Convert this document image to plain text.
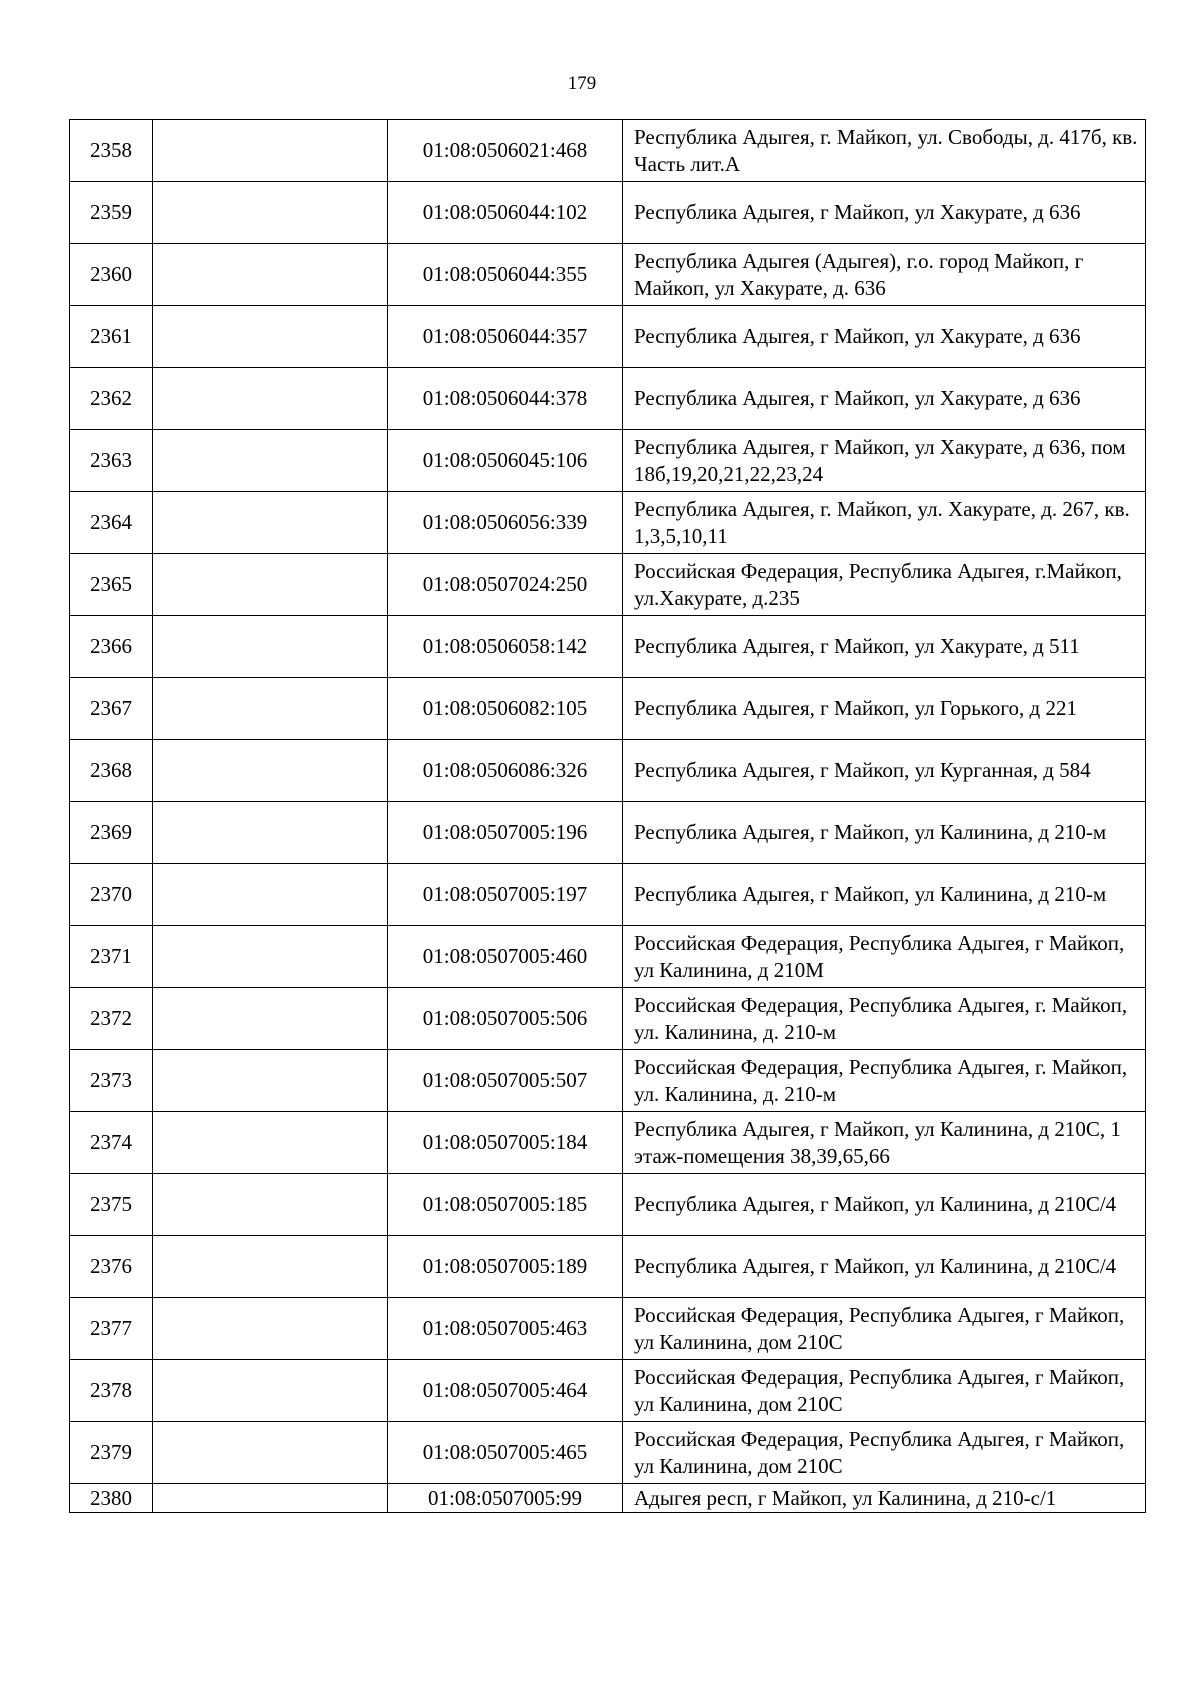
179
2358		01:08:0506021:468	Республика Адыгея, г. Майкоп, ул. Свободы, д. 417б, кв. Часть лит.А
2359		01:08:0506044:102	Республика Адыгея, г Майкоп, ул Хакурате, д 636
2360		01:08:0506044:355	Республика Адыгея (Адыгея), г.о. город Майкоп, г Майкоп, ул Хакурате, д. 636
2361		01:08:0506044:357	Республика Адыгея, г Майкоп, ул Хакурате, д 636
2362		01:08:0506044:378	Республика Адыгея, г Майкоп, ул Хакурате, д 636
2363		01:08:0506045:106	Республика Адыгея, г Майкоп, ул Хакурате, д 636, пом 18б,19,20,21,22,23,24
2364		01:08:0506056:339	Республика Адыгея, г. Майкоп, ул. Хакурате, д. 267, кв. 1,3,5,10,11
2365		01:08:0507024:250	Российская Федерация, Республика Адыгея, г.Майкоп, ул.Хакурате, д.235
2366		01:08:0506058:142	Республика Адыгея, г Майкоп, ул Хакурате, д 511
2367		01:08:0506082:105	Республика Адыгея, г Майкоп, ул Горького, д 221
2368		01:08:0506086:326	Республика Адыгея, г Майкоп, ул Курганная, д 584
2369		01:08:0507005:196	Республика Адыгея, г Майкоп, ул Калинина, д 210-м
2370		01:08:0507005:197	Республика Адыгея, г Майкоп, ул Калинина, д 210-м
2371		01:08:0507005:460	Российская Федерация, Республика Адыгея, г Майкоп, ул Калинина, д 210М
2372		01:08:0507005:506	Российская Федерация, Республика Адыгея, г. Майкоп, ул. Калинина, д. 210-м
2373		01:08:0507005:507	Российская Федерация, Республика Адыгея, г. Майкоп, ул. Калинина, д. 210-м
2374		01:08:0507005:184	Республика Адыгея, г Майкоп, ул Калинина, д 210С, 1 этаж-помещения 38,39,65,66
2375		01:08:0507005:185	Республика Адыгея, г Майкоп, ул Калинина, д 210С/4
2376		01:08:0507005:189	Республика Адыгея, г Майкоп, ул Калинина, д 210С/4
2377		01:08:0507005:463	Российская Федерация, Республика Адыгея, г Майкоп, ул Калинина, дом 210С
2378		01:08:0507005:464	Российская Федерация, Республика Адыгея, г Майкоп, ул Калинина, дом 210С
2379		01:08:0507005:465	Российская Федерация, Республика Адыгея, г Майкоп, ул Калинина, дом 210С
2380		01:08:0507005:99	Адыгея респ, г Майкоп, ул Калинина, д 210-с/1
